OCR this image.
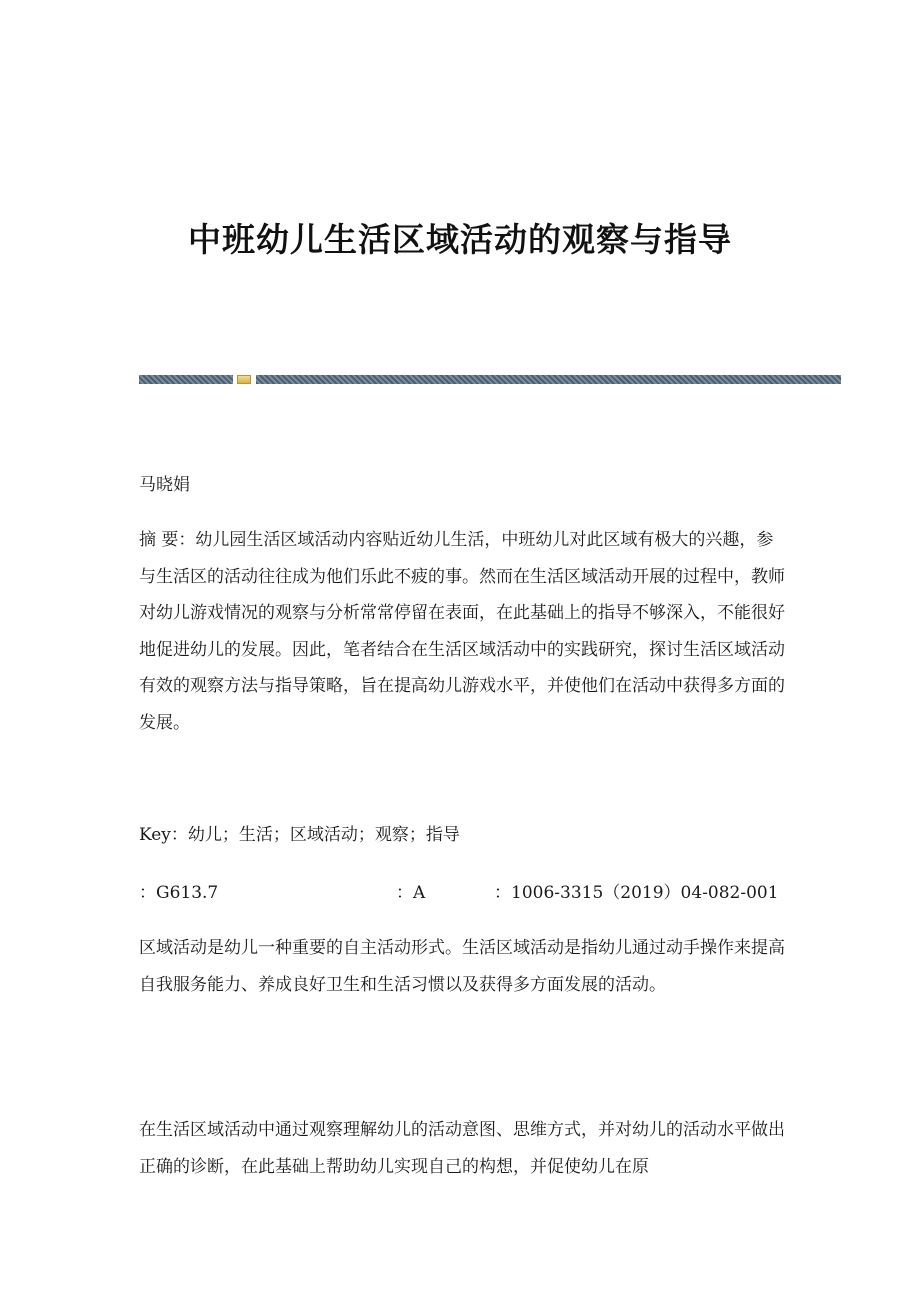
中班幼儿生活区域活动的观察与指导
马晓娟
摘 要：幼儿园生活区域活动内容贴近幼儿生活，中班幼儿对此区域有极大的兴趣，参与生活区的活动往往成为他们乐此不疲的事。然而在生活区域活动开展的过程中，教师对幼儿游戏情况的观察与分析常常停留在表面，在此基础上的指导不够深入，不能很好地促进幼儿的发展。因此，笔者结合在生活区域活动中的实践研究，探讨生活区域活动有效的观察方法与指导策略，旨在提高幼儿游戏水平，并使他们在活动中获得多方面的发展。
Key：幼儿；生活；区域活动；观察；指导
：G613.7	：A	：1006-3315（2019）04-082-001
区域活动是幼儿一种重要的自主活动形式。生活区域活动是指幼儿通过动手操作来提高自我服务能力、养成良好卫生和生活习惯以及获得多方面发展的活动。
在生活区域活动中通过观察理解幼儿的活动意图、思维方式，并对幼儿的活动水平做出正确的诊断，在此基础上帮助幼儿实现自己的构想，并促使幼儿在原
